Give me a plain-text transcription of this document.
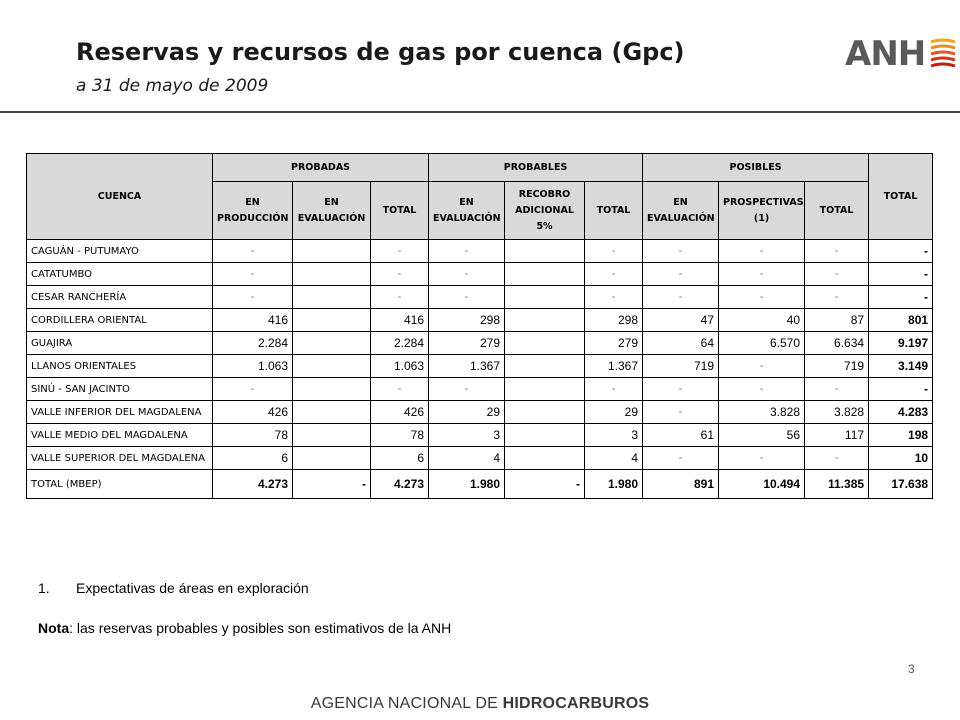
Reservas y recursos de gas por cuenca (Gpc)
a 31 de mayo de 2009
ANH
CUENCA	PROBADAS			PROBABLES			POSIBLES			TOTAL
	EN PRODUCCIÓN	EN EVALUACIÓN	TOTAL	EN EVALUACIÓN	RECOBRO ADICIONAL 5%	TOTAL	EN EVALUACIÓN	PROSPECTIVAS (1)	TOTAL	

CAGUÁN - PUTUMAYO	-		-	-		-	-	-	-	-
CATATUMBO	-		-	-		-	-	-	-	-
CESAR RANCHERÍA	-		-	-		-	-	-	-	-
CORDILLERA ORIENTAL	416		416	298		298	47	40	87	801
GUAJIRA	2.284		2.284	279		279	64	6.570	6.634	9.197
LLANOS ORIENTALES	1.063		1.063	1.367		1.367	719	-	719	3.149
SINÚ - SAN JACINTO	-		-	-		-	-	-	-	-
VALLE INFERIOR DEL MAGDALENA	426		426	29		29	-	3.828	3.828	4.283
VALLE MEDIO DEL MAGDALENA	78		78	3		3	61	56	117	198
VALLE SUPERIOR DEL MAGDALENA	6		6	4		4	-	-	-	10
TOTAL (MBEP)	4.273	-	4.273	1.980	-	1.980	891	10.494	11.385	17.638
1. Expectativas de áreas en exploración
Nota: las reservas probables y posibles son estimativos de la ANH
3
AGENCIA NACIONAL DE HIDROCARBUROS
